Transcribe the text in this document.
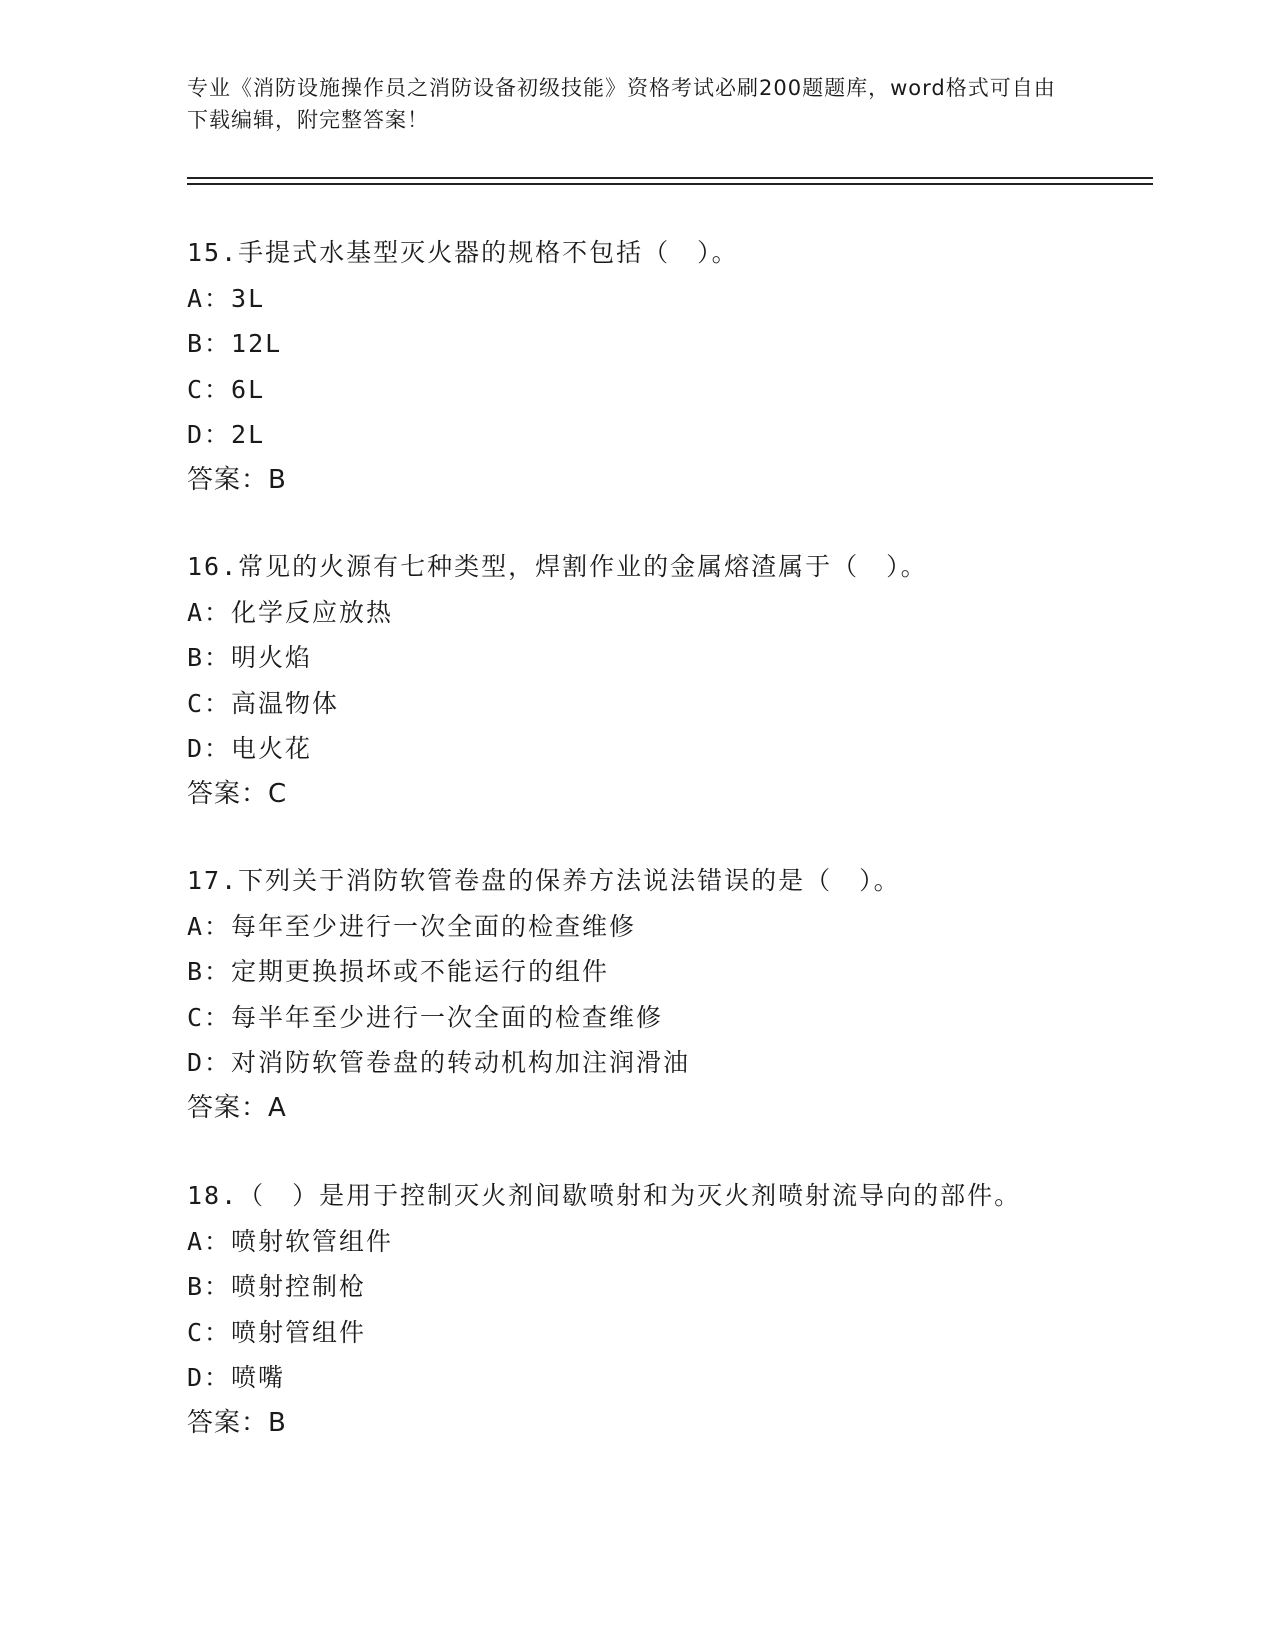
专业《消防设施操作员之消防设备初级技能》资格考试必刷200题题库，word格式可自由下载编辑，附完整答案！
15.手提式水基型灭火器的规格不包括（　）。
A：3L
B：12L
C：6L
D：2L
答案：B
16.常见的火源有七种类型，焊割作业的金属熔渣属于（　）。
A：化学反应放热
B：明火焰
C：高温物体
D：电火花
答案：C
17.下列关于消防软管卷盘的保养方法说法错误的是（　）。
A：每年至少进行一次全面的检查维修
B：定期更换损坏或不能运行的组件
C：每半年至少进行一次全面的检查维修
D：对消防软管卷盘的转动机构加注润滑油
答案：A
18.（　）是用于控制灭火剂间歇喷射和为灭火剂喷射流导向的部件。
A：喷射软管组件
B：喷射控制枪
C：喷射管组件
D：喷嘴
答案：B
